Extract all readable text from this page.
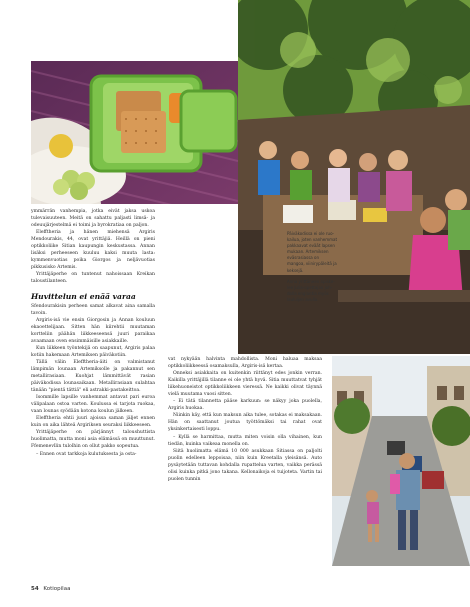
Päiväkodissa ei ole ruokailua, joten vanhemmat pakkaavat eväät lapsen mukaan. Artemiksen eväsrasiassa on mangoa, viinirypäleitä ja keksejä.

Anna yrittäneen opiskelee Julia-opettajan johdolla englantia myös lauluijen avulla.

ymmärrän vanhempia, jotka eivät jaksa uskoa tulevaisuuteen. Meitä on sahattu paljasti limsä- ja odeuujärjestelmä ei toimi ja byrokratiaa on paljon.

Elefftheria ja hänen miehensä Argiris Mendourakis, 44, ovat yrittäjiä. Heillä on pieni optikkoliike Sitian kaupungin keskustassa. Annan lisäksi perheeseen kuuluu kaksi muuta lasta: kymmenvuotias poika Giorgos ja neljävuotias pikkusisko Artemis.

Yrittäjäperhe on tuntenut nahoissaan Kreikan taloustilanteen.

Huvittelun ei enää varaa

Sfendourakisin perheen samat alkavat aina samalla tavoin.

Argiris-isä vie ensin Giorgosin ja Annan kouluun ekaoettelijaan. Sitten hän kiirehtii muutaman kortteliin päähän liikkeeseensä juuri paraikaa avaamaan oven ensimmäisille asiakkaille.

Kun liikkeen työntekijä on saapunut, Argiris palaa kotiin hakemaan Artemiksen päiväkotiin.

Tällä välin Elefftheria-äiti on valmistanut lämpimän lounaan Artemiksolle ja pakannut sen metallirasiaan. Kuohjat lämmittävät rasian päiväkodissa lounasaikaan. Metallirasiaan sulahtaa tänään "pientä tättiä" eli astrakki-pastakeittoa.

Isommille lapsille vanhemmat antavat pari euroa välipalaan ostoa varten. Koulussa ei tarjota ruokaa, vaan lounas syödään kotona koulun jälkeen.

Elefftheria ehtii juuri ajoissa saman jäljet ennen kuin on aika lähteä Argiriksen seuraksi liikkeeseen.

Yrittäjäperhe on pärjännyt taloushuttista huolimatta, mutta moni asia elämässä on muuttunut. Ffemenevllin tulolhin on ollut pakko sopeutua.

– Ennen ovat tarkkoja kulutuksesta ja osta-

vat nykyään halvinta mahdollista. Moni haluaa maksaa optikkoliikkeessä osamaksulla, Argiris-isä kertaa.

Onneksi asiakkaita on kuitenkin riittänyt edes jonkin verran. Kaikilla yrittäjillä tilanne ei ole yhtä hyvä. Sitia muuttatvat tyhjät liikehuoneistot optikkoliikkeen vieressä. Ne kaikki olivat täynnä vielä muutama vuosi sitten.

– Ei tätä tilannetta pääse karkuun: se näkyy joka puolella, Argiris huokaa.

Niinkin käy, että kun maksun aika tulee, sotakas ei maksakaan. Hän on saattanut joutua työttömäksi tai rahat ovat yksinkertaisesti loppu.

– Kyllä se harmittaa, mutta miten voisin olla vihainen, kun tiedän, kuinka vaikeaa monella on.

Siitä huolimatta elämä 10 000 asukkaan Sitiassa on paljolti puolin edelleen leppoisaa, niin kuin Kreetalla yleisänsä. Auto pysäytetään tuttavan kohdalla rupattelua varten, vaikka perässä olisi kuinka pitkä jono takana. Kellonaikoja ei tuijoteta. Vartin tai puolen tunnin

54 Kotiopilaa
